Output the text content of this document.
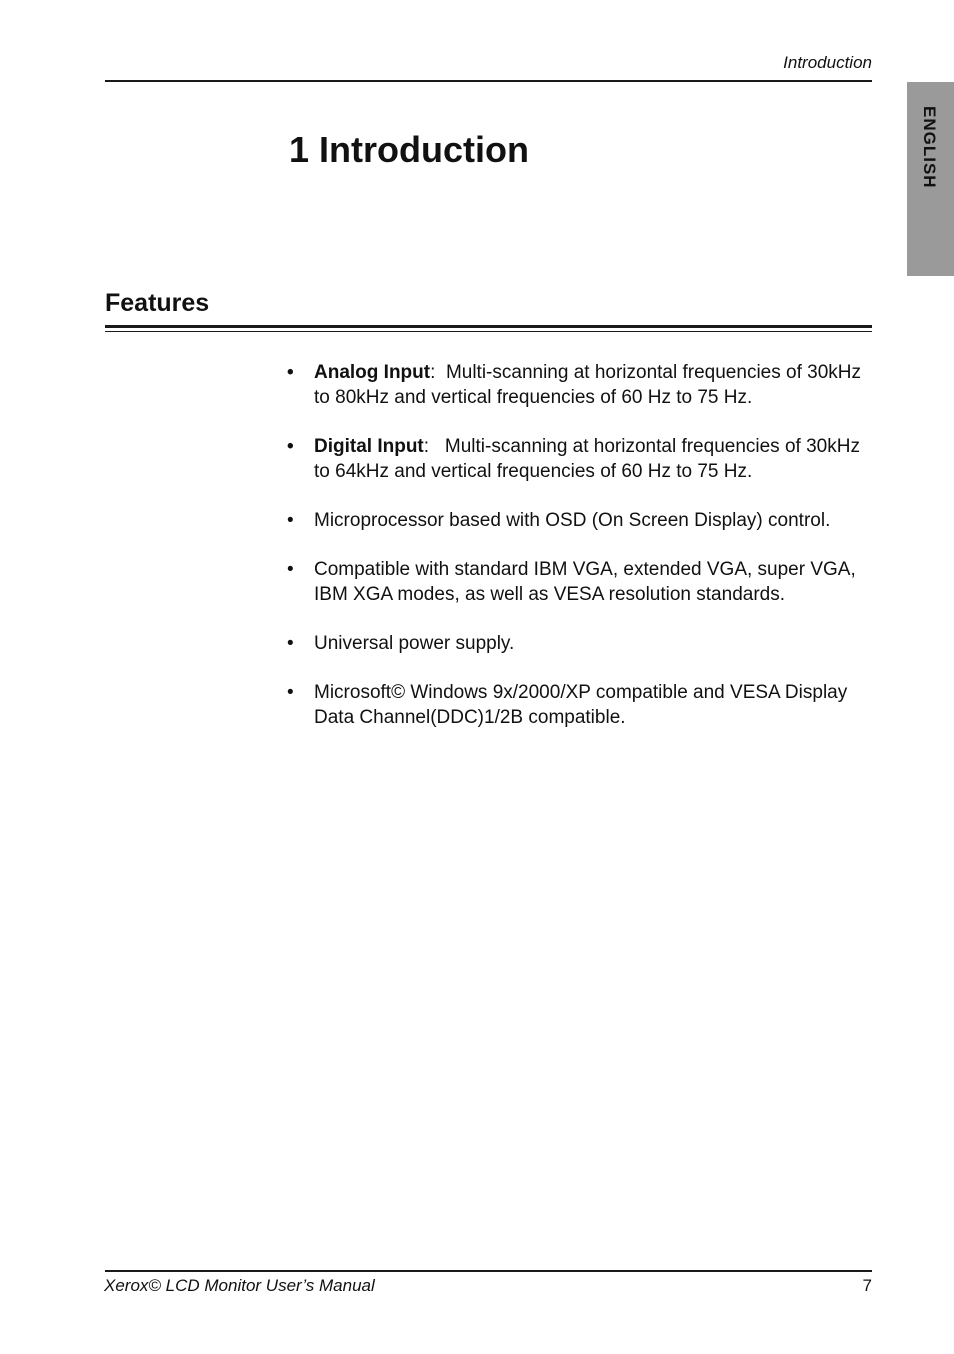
Introduction
ENGLISH
1 Introduction
Features
• Analog Input:  Multi-scanning at horizontal frequencies of 30kHz to 80kHz and vertical frequencies of 60 Hz to 75 Hz.
• Digital Input:   Multi-scanning at horizontal frequencies of 30kHz to 64kHz and vertical frequencies of 60 Hz to 75 Hz.
• Microprocessor based with OSD (On Screen Display) control.
• Compatible with standard IBM VGA, extended VGA, super VGA, IBM XGA modes, as well as VESA resolution standards.
• Universal power supply.
• Microsoft© Windows 9x/2000/XP compatible and VESA Display Data Channel(DDC)1/2B compatible.
Xerox© LCD Monitor User’s Manual	7
